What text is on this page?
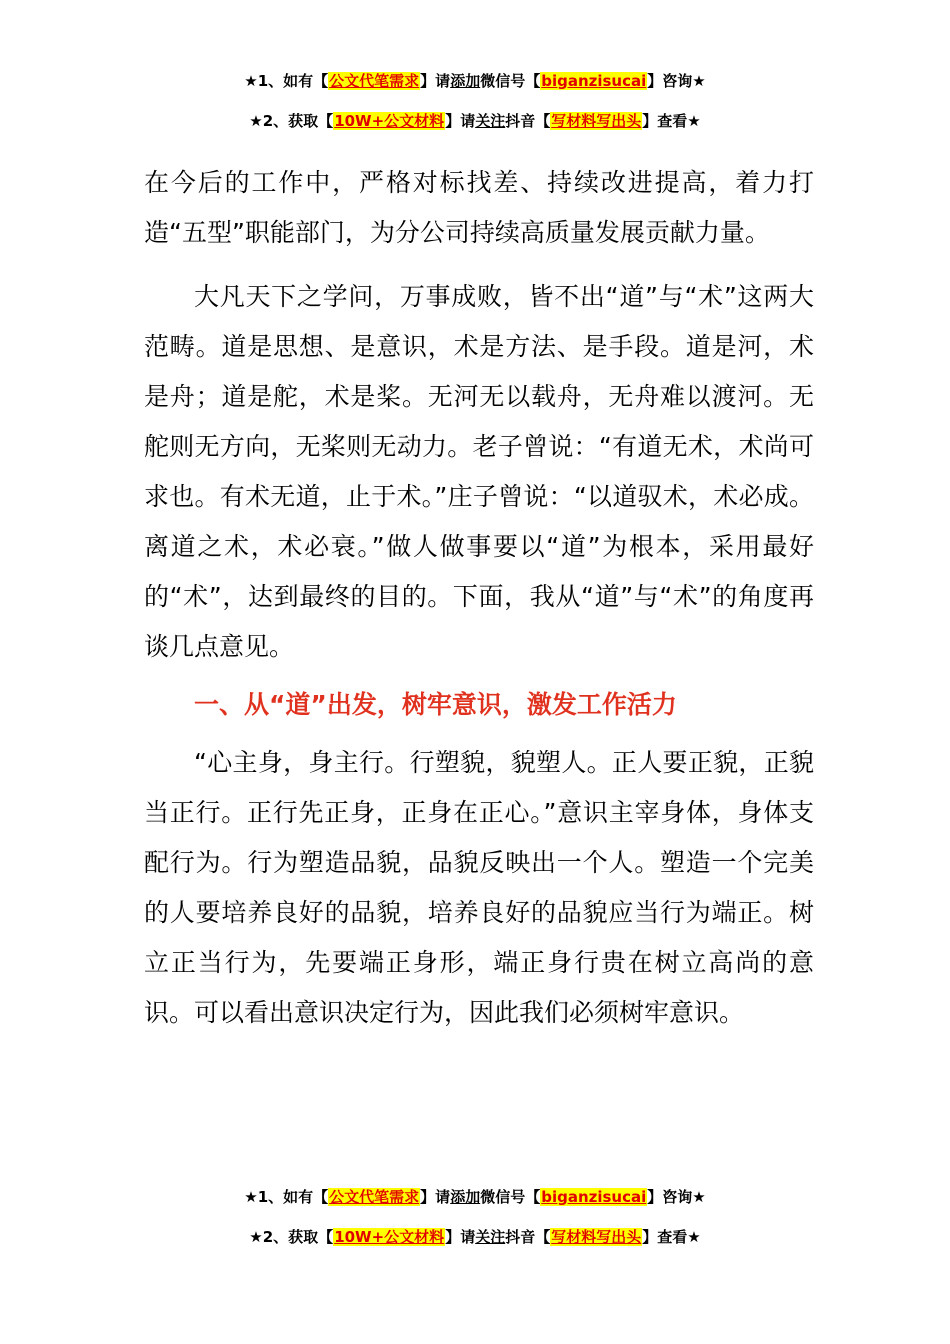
★1、如有【公文代笔需求】请添加微信号【biganzisucai】咨询★
★2、获取【10W+公文材料】请关注抖音【写材料写出头】查看★

在今后的工作中，严格对标找差、持续改进提高，着力打造“五型”职能部门，为分公司持续高质量发展贡献力量。

大凡天下之学问，万事成败，皆不出“道”与“术”这两大范畴。道是思想、是意识，术是方法、是手段。道是河，术是舟；道是舵，术是桨。无河无以载舟，无舟难以渡河。无舵则无方向，无桨则无动力。老子曾说：“有道无术，术尚可求也。有术无道，止于术。”庄子曾说：“以道驭术，术必成。离道之术，术必衰。”做人做事要以“道”为根本，采用最好的“术”，达到最终的目的。下面，我从“道”与“术”的角度再谈几点意见。

一、从“道”出发，树牢意识，激发工作活力

“心主身，身主行。行塑貌，貌塑人。正人要正貌，正貌当正行。正行先正身，正身在正心。”意识主宰身体，身体支配行为。行为塑造品貌，品貌反映出一个人。塑造一个完美的人要培养良好的品貌，培养良好的品貌应当行为端正。树立正当行为，先要端正身形，端正身行贵在树立高尚的意识。可以看出意识决定行为，因此我们必须树牢意识。

★1、如有【公文代笔需求】请添加微信号【biganzisucai】咨询★
★2、获取【10W+公文材料】请关注抖音【写材料写出头】查看★
